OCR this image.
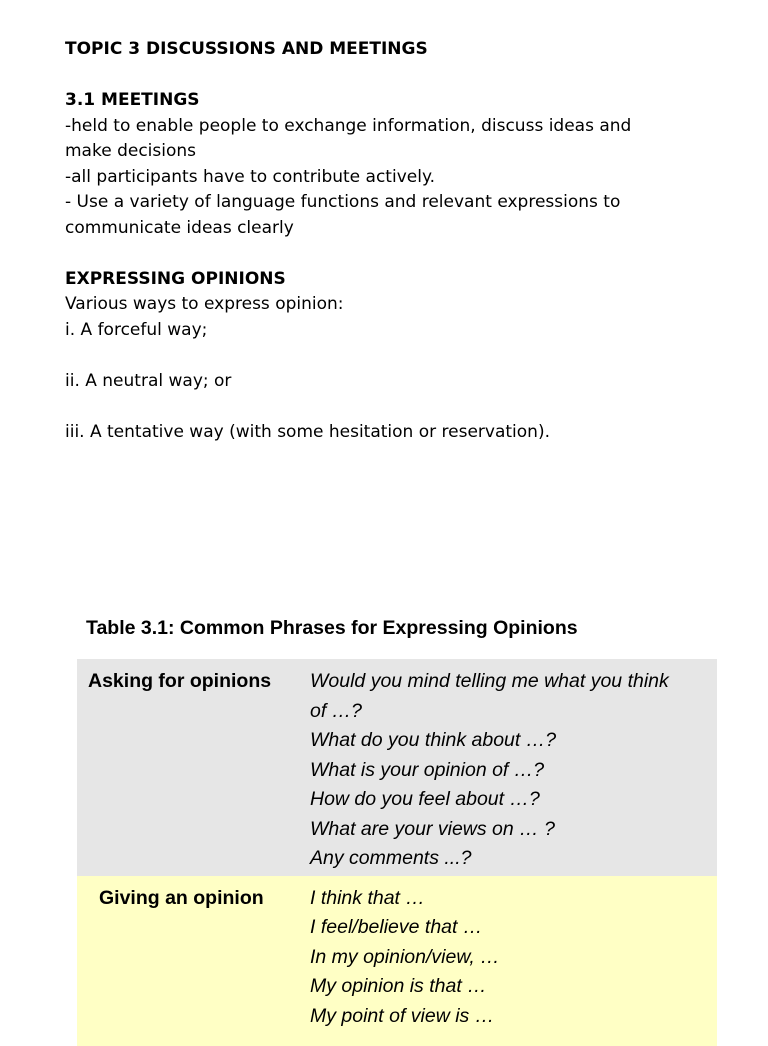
TOPIC 3 DISCUSSIONS AND MEETINGS

3.1 MEETINGS

-held to enable people to exchange information, discuss ideas and

make decisions

-all participants have to contribute actively.

- Use a variety of language functions and relevant expressions to

communicate ideas clearly

EXPRESSING OPINIONS

Various ways to express opinion:

i. A forceful way;

ii. A neutral way; or

iii. A tentative way (with some hesitation or reservation).

Table 3.1: Common Phrases for Expressing Opinions
Asking for opinions	Would you mind telling me what you think
of …?
What do you think about …?
What is your opinion of …?
How do you feel about …?
What are your views on … ?
Any comments ...?
Giving an opinion	I think that …
I feel/believe that …
In my opinion/view, …
My opinion is that …
My point of view is …
